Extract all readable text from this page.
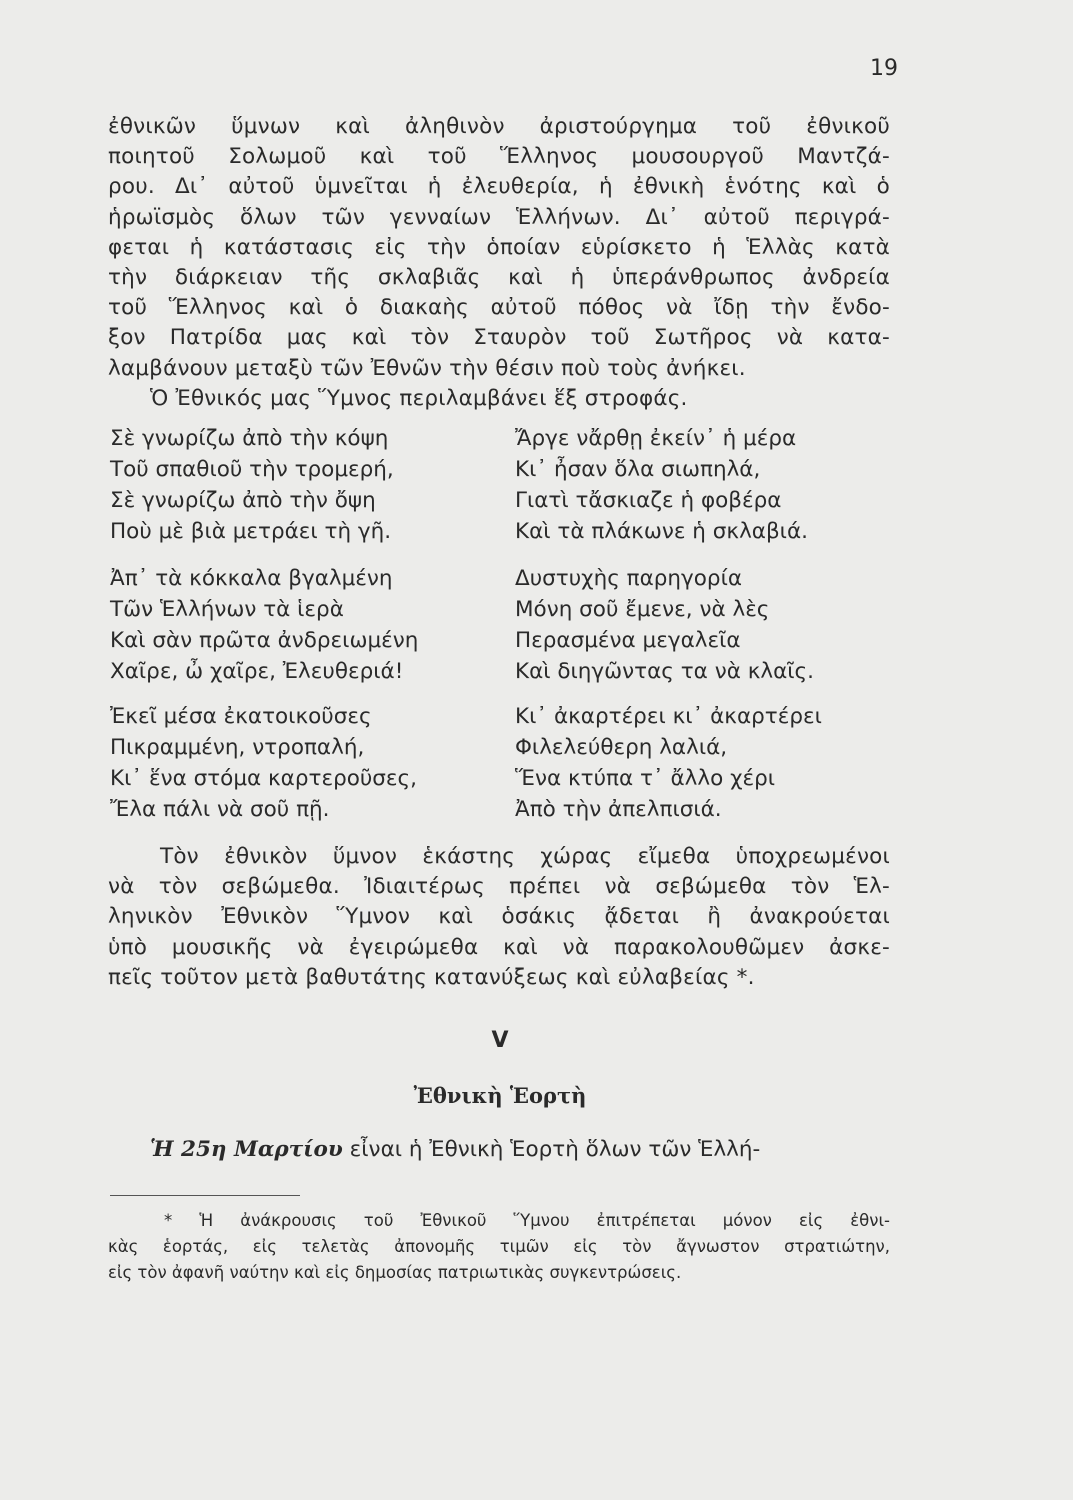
19
ἐθνικῶν ὕμνων καὶ ἀληθινὸν ἀριστούργημα τοῦ ἐθνικοῦ
ποιητοῦ Σολωμοῦ καὶ τοῦ Ἕλληνος μουσουργοῦ Μαντζά-
ρου. Δι᾽ αὐτοῦ ὑμνεῖται ἡ ἐλευθερία, ἡ ἐθνικὴ ἑνότης καὶ ὁ
ἡρωϊσμὸς ὅλων τῶν γενναίων Ἑλλήνων. Δι᾽ αὐτοῦ περιγρά-
φεται ἡ κατάστασις εἰς τὴν ὁποίαν εὑρίσκετο ἡ Ἑλλὰς κατὰ
τὴν διάρκειαν τῆς σκλαβιᾶς καὶ ἡ ὑπεράνθρωπος ἀνδρεία
τοῦ Ἕλληνος καὶ ὁ διακαὴς αὐτοῦ πόθος νὰ ἴδῃ τὴν ἔνδο-
ξον Πατρίδα μας καὶ τὸν Σταυρὸν τοῦ Σωτῆρος νὰ κατα-
λαμβάνουν μεταξὺ τῶν Ἐθνῶν τὴν θέσιν ποὺ τοὺς ἀνήκει.
Ὁ Ἐθνικός μας Ὕμνος περιλαμβάνει ἕξ στροφάς.
Σὲ γνωρίζω ἀπὸ τὴν κόψη
Τοῦ σπαθιοῦ τὴν τρομερή,
Σὲ γνωρίζω ἀπὸ τὴν ὄψη
Ποὺ μὲ βιὰ μετράει τὴ γῆ.
Ἄργε νἄρθῃ ἐκείν᾽ ἡ μέρα
Κι᾽ ἦσαν ὅλα σιωπηλά,
Γιατὶ τἄσκιαζε ἡ φοβέρα
Καὶ τὰ πλάκωνε ἡ σκλαβιά.
Ἀπ᾽ τὰ κόκκαλα βγαλμένη
Τῶν Ἑλλήνων τὰ ἱερὰ
Καὶ σὰν πρῶτα ἀνδρειωμένη
Χαῖρε, ὦ χαῖρε, Ἐλευθεριά!
Δυστυχὴς παρηγορία
Μόνη σοῦ ἔμενε, νὰ λὲς
Περασμένα μεγαλεῖα
Καὶ διηγῶντας τα νὰ κλαῖς.
Ἐκεῖ μέσα ἐκατοικοῦσες
Πικραμμένη, ντροπαλή,
Κι᾽ ἕνα στόμα καρτεροῦσες,
Ἔλα πάλι νὰ σοῦ πῇ.
Κι᾽ ἀκαρτέρει κι᾽ ἀκαρτέρει
Φιλελεύθερη λαλιά,
Ἕνα κτύπα τ᾽ ἄλλο χέρι
Ἀπὸ τὴν ἀπελπισιά.
Τὸν ἐθνικὸν ὕμνον ἑκάστης χώρας εἴμεθα ὑποχρεωμένοι
νὰ τὸν σεβώμεθα. Ἰδιαιτέρως πρέπει νὰ σεβώμεθα τὸν Ἑλ-
ληνικὸν Ἐθνικὸν Ὕμνον καὶ ὁσάκις ᾄδεται ἢ ἀνακρούεται
ὑπὸ μουσικῆς νὰ ἐγειρώμεθα καὶ νὰ παρακολουθῶμεν ἀσκε-
πεῖς τοῦτον μετὰ βαθυτάτης κατανύξεως καὶ εὐλαβείας *.
V
Ἐθνικὴ Ἑορτὴ
Ἡ 25η Μαρτίου εἶναι ἡ Ἐθνικὴ Ἑορτὴ ὅλων τῶν Ἑλλή-
* Ἡ ἀνάκρουσις τοῦ Ἐθνικοῦ Ὕμνου ἐπιτρέπεται μόνον εἰς ἐθνι-
κὰς ἑορτάς, εἰς τελετὰς ἀπονομῆς τιμῶν εἰς τὸν ἄγνωστον στρατιώτην,
εἰς τὸν ἀφανῆ ναύτην καὶ εἰς δημοσίας πατριωτικὰς συγκεντρώσεις.
